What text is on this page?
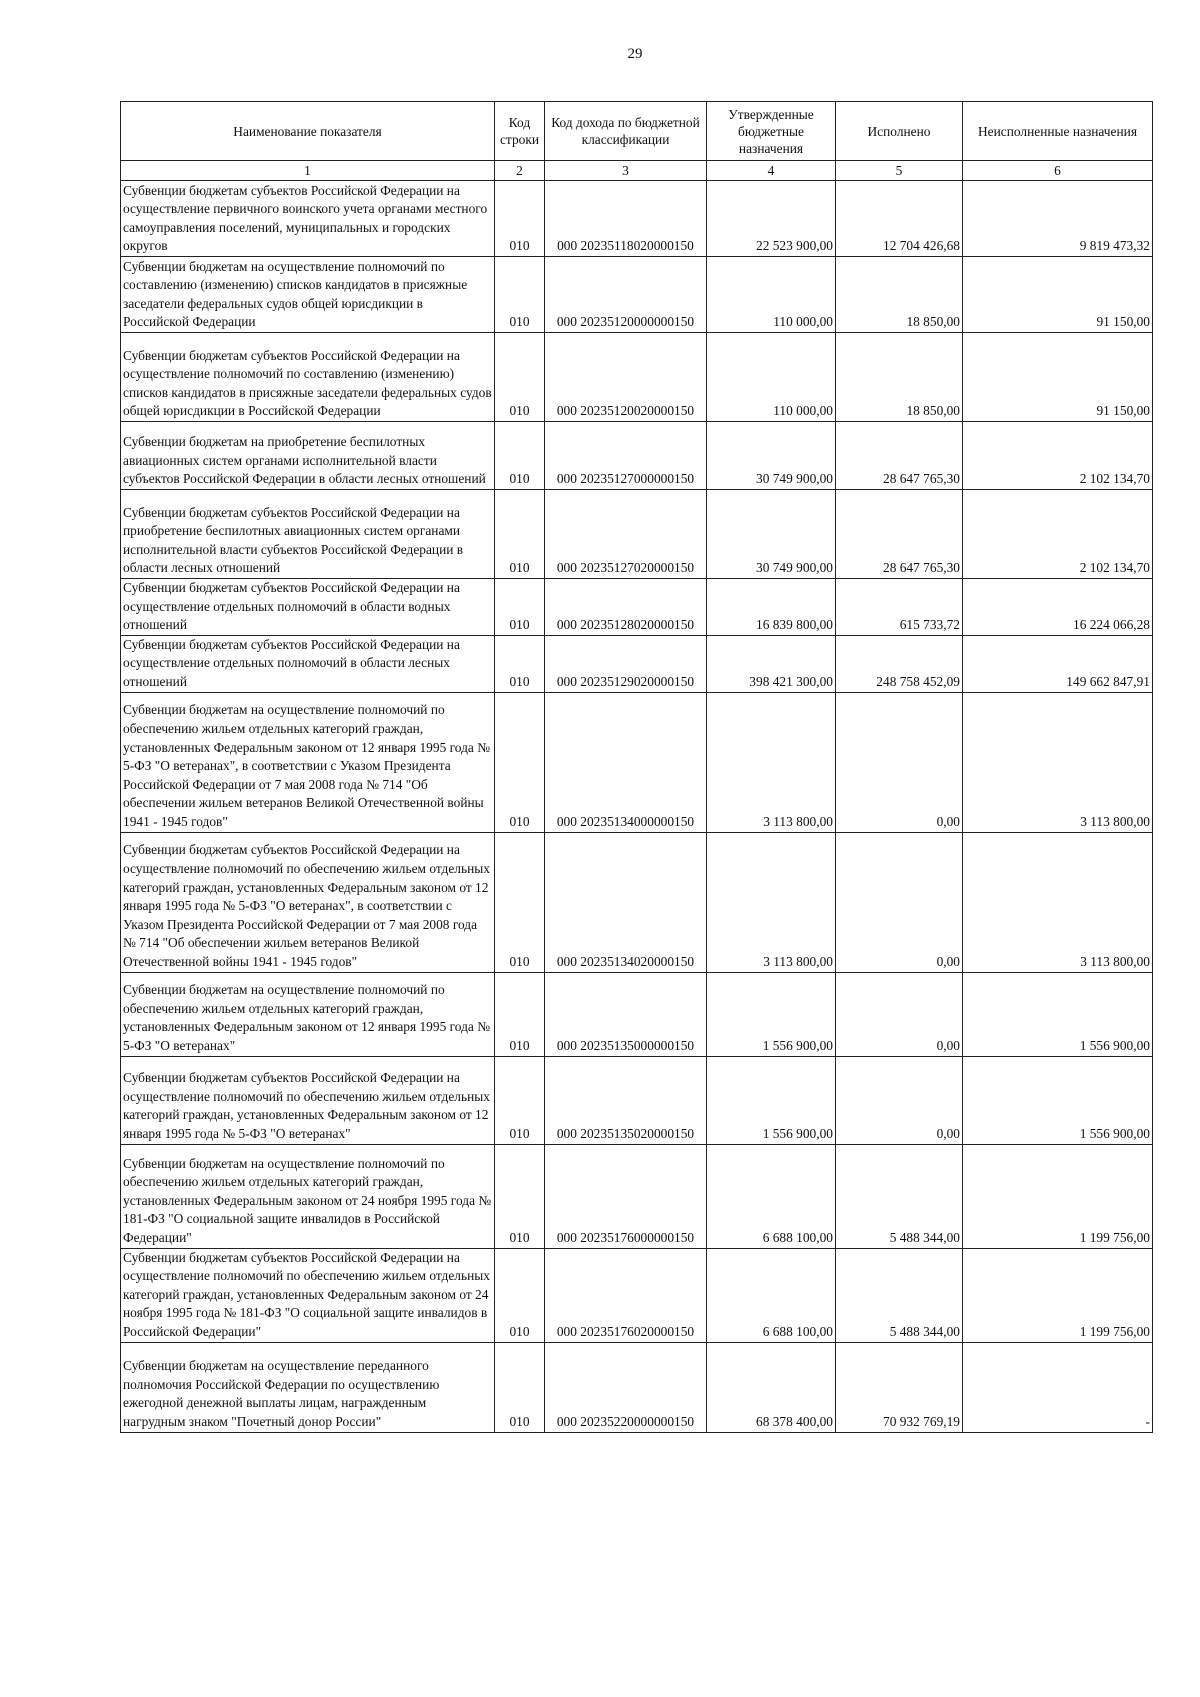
29
Наименование показателя	Код строки	Код дохода по бюджетной классификации	Утвержденные бюджетные назначения	Исполнено	Неисполненные назначения
1	2	3	4	5	6
Субвенции бюджетам субъектов Российской Федерации на осуществление первичного воинского учета органами местного самоуправления поселений, муниципальных и городских округов	010	000 20235118020000150	22 523 900,00	12 704 426,68	9 819 473,32
Субвенции бюджетам на осуществление полномочий по составлению (изменению) списков кандидатов в присяжные заседатели федеральных судов общей юрисдикции в Российской Федерации	010	000 20235120000000150	110 000,00	18 850,00	91 150,00
Субвенции бюджетам субъектов Российской Федерации на осуществление полномочий по составлению (изменению) списков кандидатов в присяжные заседатели федеральных судов общей юрисдикции в Российской Федерации	010	000 20235120020000150	110 000,00	18 850,00	91 150,00
Субвенции бюджетам на приобретение беспилотных авиационных систем органами исполнительной власти субъектов Российской Федерации в области лесных отношений	010	000 20235127000000150	30 749 900,00	28 647 765,30	2 102 134,70
Субвенции бюджетам субъектов Российской Федерации на приобретение беспилотных авиационных систем органами исполнительной власти субъектов Российской Федерации в области лесных отношений	010	000 20235127020000150	30 749 900,00	28 647 765,30	2 102 134,70
Субвенции бюджетам субъектов Российской Федерации на осуществление отдельных полномочий в области водных отношений	010	000 20235128020000150	16 839 800,00	615 733,72	16 224 066,28
Субвенции бюджетам субъектов Российской Федерации на осуществление отдельных полномочий в области лесных отношений	010	000 20235129020000150	398 421 300,00	248 758 452,09	149 662 847,91
Субвенции бюджетам на осуществление полномочий по обеспечению жильем отдельных категорий граждан, установленных Федеральным законом от 12 января 1995 года № 5-ФЗ "О ветеранах", в соответствии с Указом Президента Российской Федерации от 7 мая 2008 года № 714 "Об обеспечении жильем ветеранов Великой Отечественной войны 1941 - 1945 годов"	010	000 20235134000000150	3 113 800,00	0,00	3 113 800,00
Субвенции бюджетам субъектов Российской Федерации на осуществление полномочий по обеспечению жильем отдельных категорий граждан, установленных Федеральным законом от 12 января 1995 года № 5-ФЗ "О ветеранах", в соответствии с Указом Президента Российской Федерации от 7 мая 2008 года № 714 "Об обеспечении жильем ветеранов Великой Отечественной войны 1941 - 1945 годов"	010	000 20235134020000150	3 113 800,00	0,00	3 113 800,00
Субвенции бюджетам на осуществление полномочий по обеспечению жильем отдельных категорий граждан, установленных Федеральным законом от 12 января 1995 года № 5-ФЗ "О ветеранах"	010	000 20235135000000150	1 556 900,00	0,00	1 556 900,00
Субвенции бюджетам субъектов Российской Федерации на осуществление полномочий по обеспечению жильем отдельных категорий граждан, установленных Федеральным законом от 12 января 1995 года № 5-ФЗ "О ветеранах"	010	000 20235135020000150	1 556 900,00	0,00	1 556 900,00
Субвенции бюджетам на осуществление полномочий по обеспечению жильем отдельных категорий граждан, установленных Федеральным законом от 24 ноября 1995 года № 181-ФЗ "О социальной защите инвалидов в Российской Федерации"	010	000 20235176000000150	6 688 100,00	5 488 344,00	1 199 756,00
Субвенции бюджетам субъектов Российской Федерации на осуществление полномочий по обеспечению жильем отдельных категорий граждан, установленных Федеральным законом от 24 ноября 1995 года № 181-ФЗ "О социальной защите инвалидов в Российской Федерации"	010	000 20235176020000150	6 688 100,00	5 488 344,00	1 199 756,00
Субвенции бюджетам на осуществление переданного полномочия Российской Федерации по осуществлению ежегодной денежной выплаты лицам, награжденным нагрудным знаком "Почетный донор России"	010	000 20235220000000150	68 378 400,00	70 932 769,19	-
